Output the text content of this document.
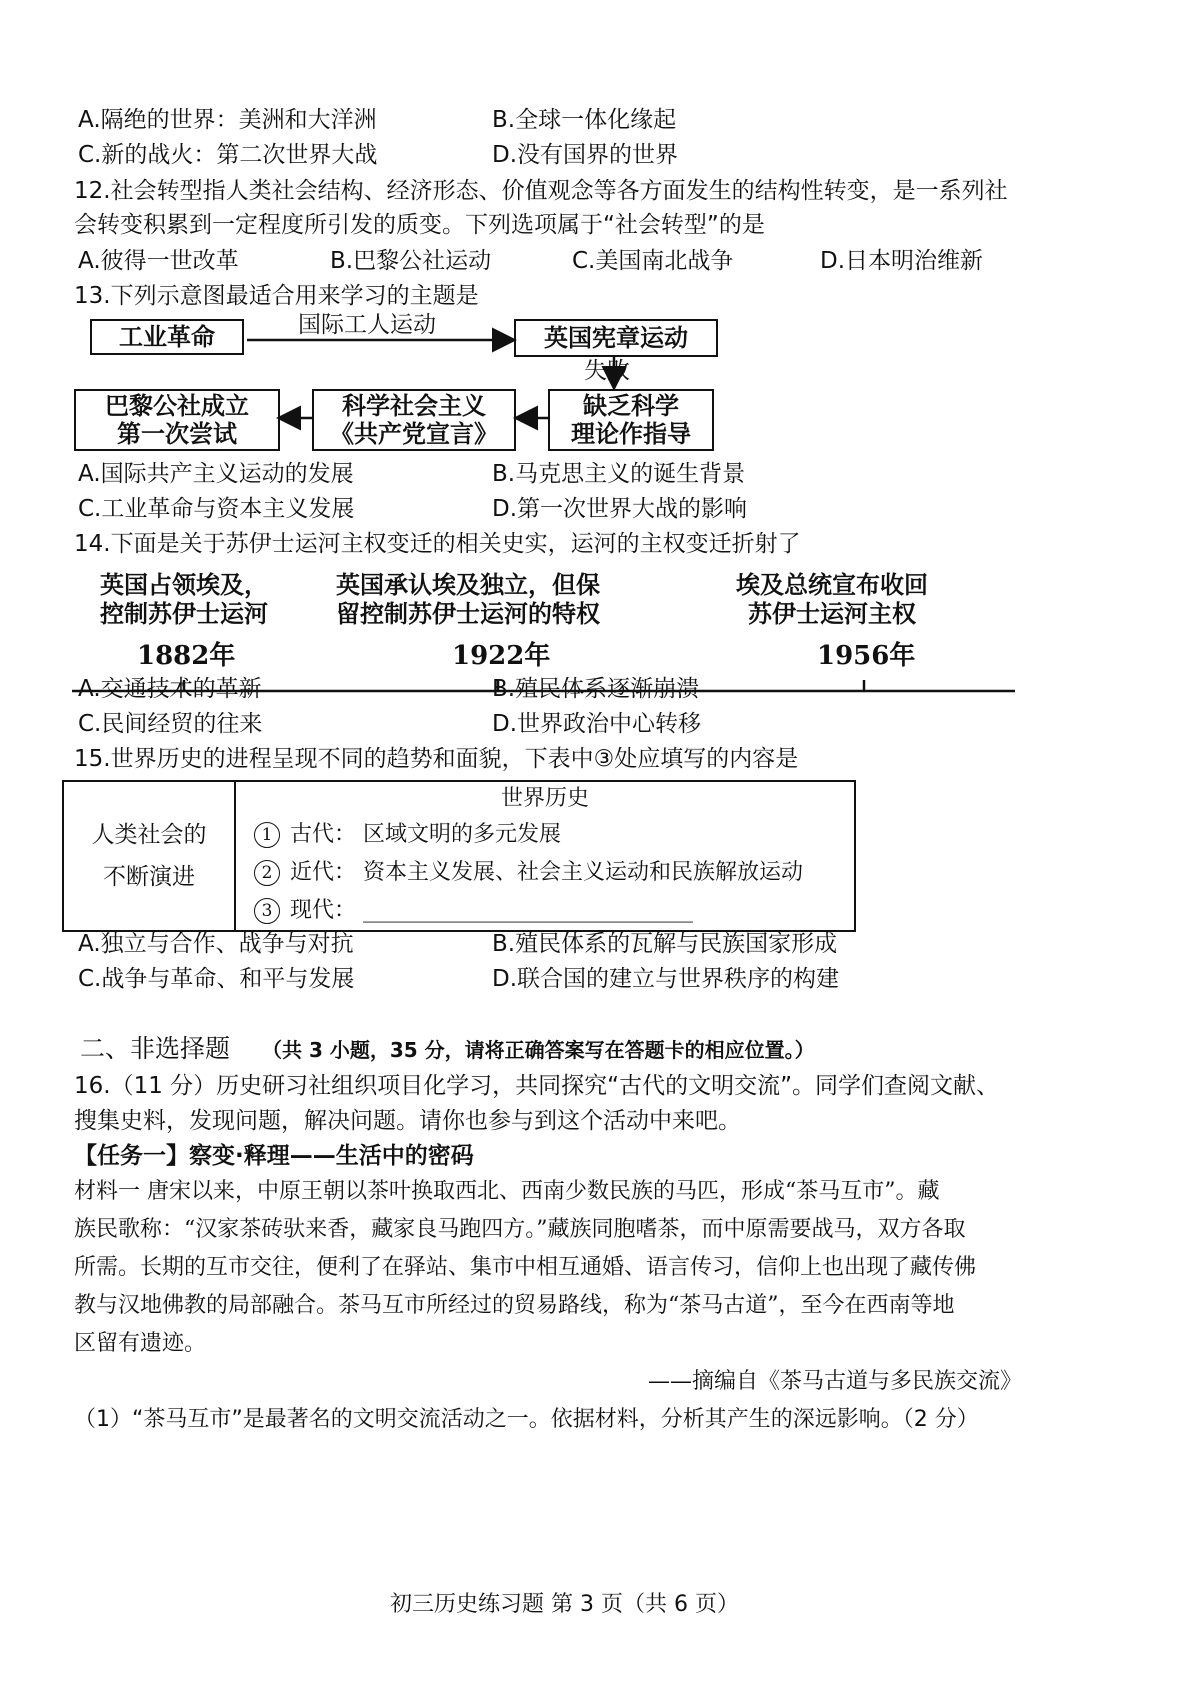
A.隔绝的世界：美洲和大洋洲	B.全球一体化缘起
C.新的战火：第二次世界大战	D.没有国界的世界
12.社会转型指人类社会结构、经济形态、价值观念等各方面发生的结构性转变，是一系列社
会转变积累到一定程度所引发的质变。下列选项属于“社会转型”的是
A.彼得一世改革	B.巴黎公社运动	C.美国南北战争	D.日本明治维新
13.下列示意图最适合用来学习的主题是
工业革命	国际工人运动	英国宪章运动
失败
缺乏科学
理论作指导
科学社会主义
《共产党宣言》
巴黎公社成立
第一次尝试
A.国际共产主义运动的发展	B.马克思主义的诞生背景
C.工业革命与资本主义发展	D.第一次世界大战的影响
14.下面是关于苏伊士运河主权变迁的相关史实，运河的主权变迁折射了
英国占领埃及，
控制苏伊士运河
英国承认埃及独立，但保
留控制苏伊士运河的特权
埃及总统宣布收回
苏伊士运河主权
1882年	1922年	1956年
A.交通技术的革新	B.殖民体系逐渐崩溃
C.民间经贸的往来	D.世界政治中心转移
15.世界历史的进程呈现不同的趋势和面貌，下表中③处应填写的内容是
人类社会的
不断演进

世界历史
1 古代： 区域文明的多元发展
2 近代： 资本主义发展、社会主义运动和民族解放运动
3 现代： ______________________________
A.独立与合作、战争与对抗	B.殖民体系的瓦解与民族国家形成
C.战争与革命、和平与发展	D.联合国的建立与世界秩序的构建
二、非选择题 （共 3 小题，35 分，请将正确答案写在答题卡的相应位置。）
16.（11 分）历史研习社组织项目化学习，共同探究“古代的文明交流”。同学们查阅文献、
搜集史料，发现问题，解决问题。请你也参与到这个活动中来吧。
【任务一】察变·释理——生活中的密码
材料一 唐宋以来，中原王朝以茶叶换取西北、西南少数民族的马匹，形成“茶马互市”。藏
族民歌称：“汉家茶砖驮来香，藏家良马跑四方。”藏族同胞嗜茶，而中原需要战马，双方各取
所需。长期的互市交往，便利了在驿站、集市中相互通婚、语言传习，信仰上也出现了藏传佛
教与汉地佛教的局部融合。茶马互市所经过的贸易路线，称为“茶马古道”，至今在西南等地
区留有遗迹。
——摘编自《茶马古道与多民族交流》
（1）“茶马互市”是最著名的文明交流活动之一。依据材料，分析其产生的深远影响。（2 分）
初三历史练习题 第 3 页（共 6 页）
